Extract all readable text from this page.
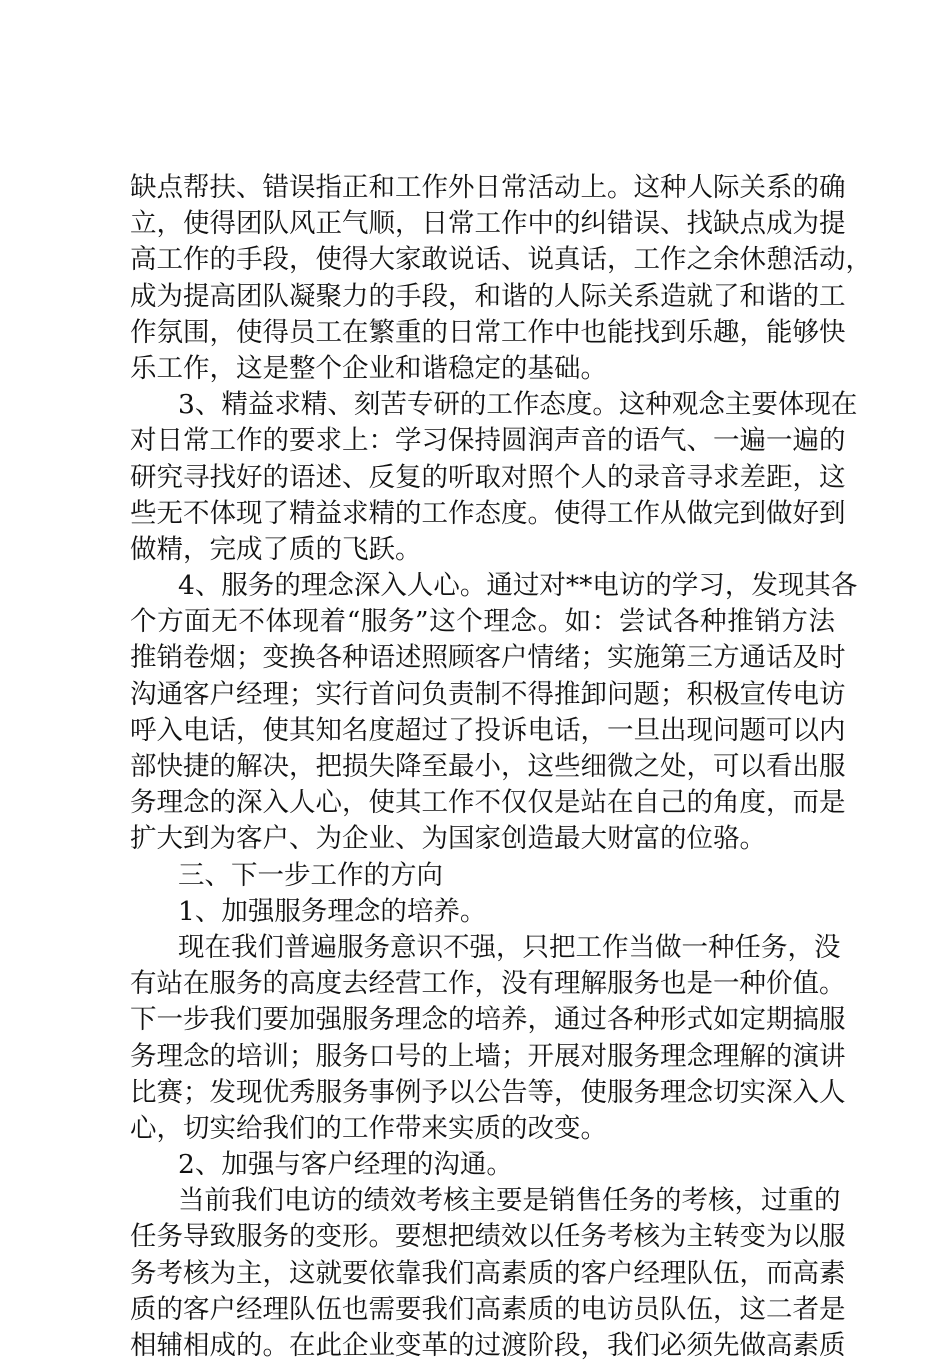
缺点帮扶、错误指正和工作外日常活动上。这种人际关系的确
立，使得团队风正气顺，日常工作中的纠错误、找缺点成为提
高工作的手段，使得大家敢说话、说真话，工作之余休憩活动，
成为提高团队凝聚力的手段，和谐的人际关系造就了和谐的工
作氛围，使得员工在繁重的日常工作中也能找到乐趣，能够快
乐工作，这是整个企业和谐稳定的基础。
3、精益求精、刻苦专研的工作态度。这种观念主要体现在
对日常工作的要求上：学习保持圆润声音的语气、一遍一遍的
研究寻找好的语述、反复的听取对照个人的录音寻求差距，这
些无不体现了精益求精的工作态度。使得工作从做完到做好到
做精，完成了质的飞跃。
4、服务的理念深入人心。通过对**电访的学习，发现其各
个方面无不体现着“服务”这个理念。如：尝试各种推销方法
推销卷烟；变换各种语述照顾客户情绪；实施第三方通话及时
沟通客户经理；实行首问负责制不得推卸问题；积极宣传电访
呼入电话，使其知名度超过了投诉电话，一旦出现问题可以内
部快捷的解决，把损失降至最小，这些细微之处，可以看出服
务理念的深入人心，使其工作不仅仅是站在自己的角度，而是
扩大到为客户、为企业、为国家创造最大财富的位骆。
三、下一步工作的方向
1、加强服务理念的培养。
现在我们普遍服务意识不强，只把工作当做一种任务，没
有站在服务的高度去经营工作，没有理解服务也是一种价值。
下一步我们要加强服务理念的培养，通过各种形式如定期搞服
务理念的培训；服务口号的上墙；开展对服务理念理解的演讲
比赛；发现优秀服务事例予以公告等，使服务理念切实深入人
心，切实给我们的工作带来实质的改变。
2、加强与客户经理的沟通。
当前我们电访的绩效考核主要是销售任务的考核，过重的
任务导致服务的变形。要想把绩效以任务考核为主转变为以服
务考核为主，这就要依靠我们高素质的客户经理队伍，而高素
质的客户经理队伍也需要我们高素质的电访员队伍，这二者是
相辅相成的。在此企业变革的过渡阶段，我们必须先做高素质
